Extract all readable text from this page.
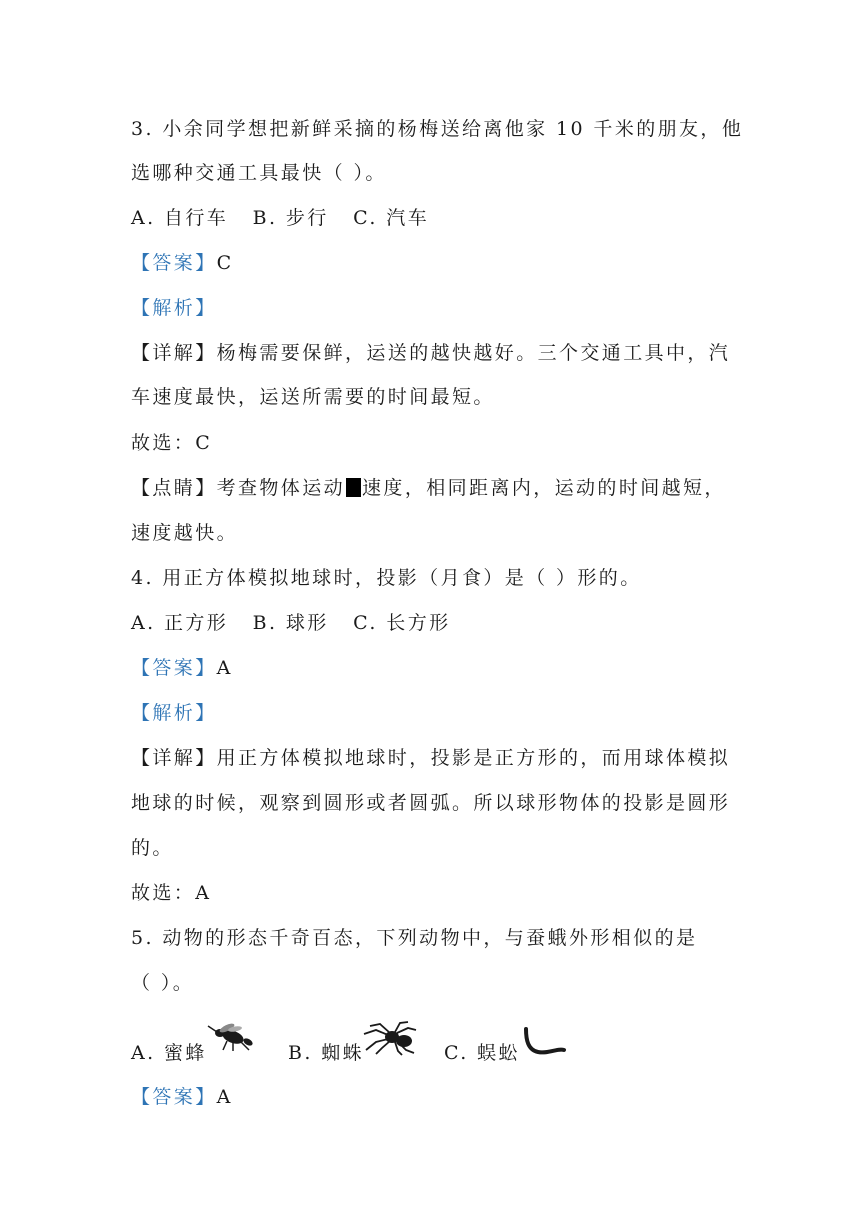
3. 小余同学想把新鲜采摘的杨梅送给离他家 10 千米的朋友，他
选哪种交通工具最快（ ）。
A. 自行车 B. 步行 C. 汽车
【答案】C
【解析】
【详解】杨梅需要保鲜，运送的越快越好。三个交通工具中，汽
车速度最快，运送所需要的时间最短。
故选：C
【点睛】考查物体运动 速度，相同距离内，运动的时间越短，
速度越快。
4. 用正方体模拟地球时，投影（月食）是（ ）形的。
A. 正方形 B. 球形 C. 长方形
【答案】A
【解析】
【详解】用正方体模拟地球时，投影是正方形的，而用球体模拟
地球的时候，观察到圆形或者圆弧。所以球形物体的投影是圆形
的。
故选：A
5. 动物的形态千奇百态，下列动物中，与蚕蛾外形相似的是
（ ）。
A. 蜜蜂	B. 蜘蛛	C. 蜈蚣
【答案】A
